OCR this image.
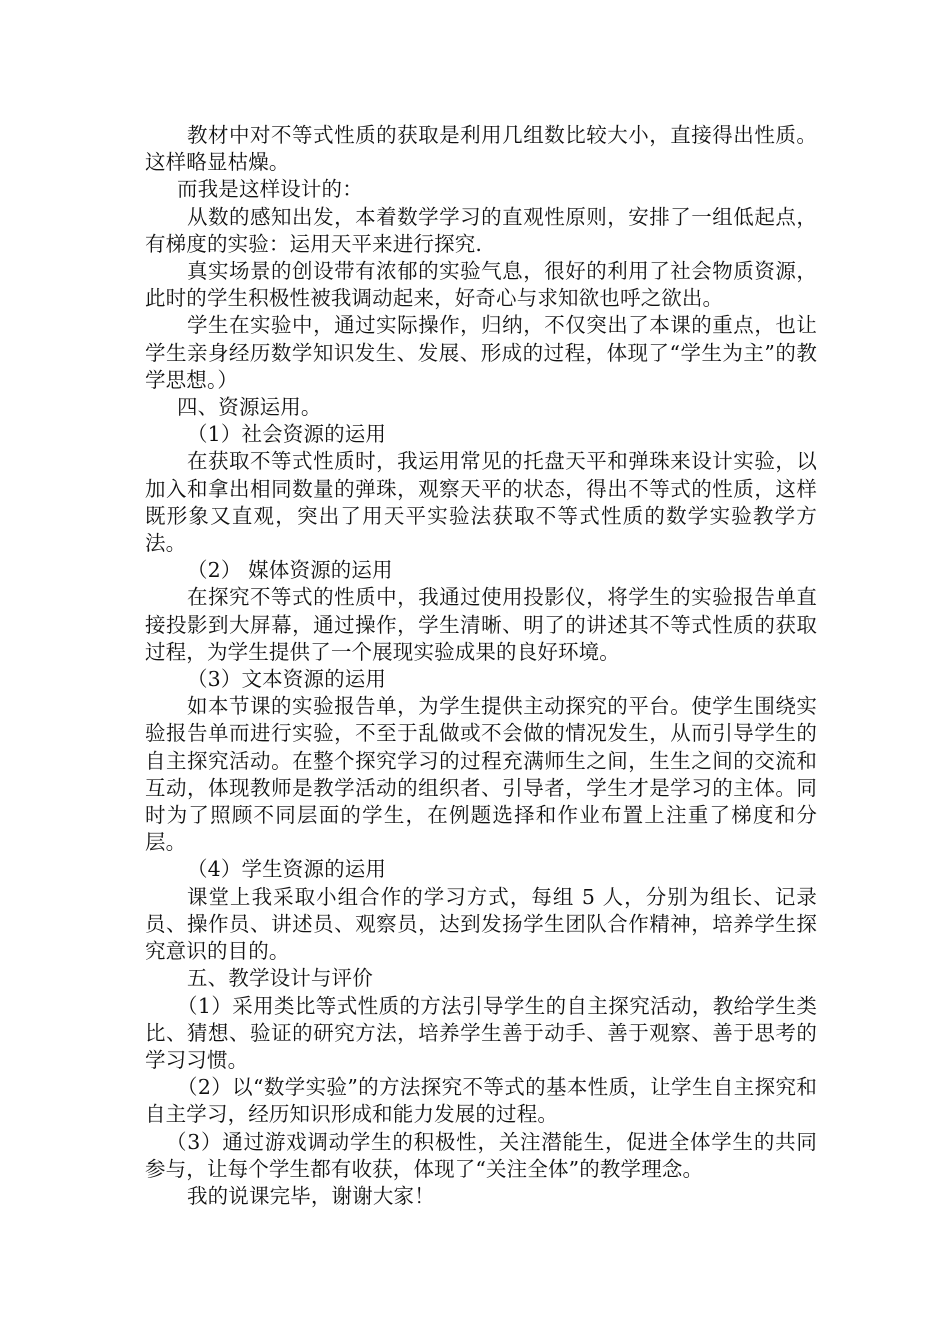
教材中对不等式性质的获取是利用几组数比较大小，直接得出性质。这样略显枯燥。

而我是这样设计的：

从数的感知出发，本着数学学习的直观性原则，安排了一组低起点，有梯度的实验：运用天平来进行探究.

真实场景的创设带有浓郁的实验气息，很好的利用了社会物质资源，此时的学生积极性被我调动起来，好奇心与求知欲也呼之欲出。

学生在实验中，通过实际操作，归纳，不仅突出了本课的重点，也让学生亲身经历数学知识发生、发展、形成的过程，体现了“学生为主”的教学思想。）

四、资源运用。

（1）社会资源的运用

在获取不等式性质时，我运用常见的托盘天平和弹珠来设计实验，以加入和拿出相同数量的弹珠，观察天平的状态，得出不等式的性质，这样既形象又直观，突出了用天平实验法获取不等式性质的数学实验教学方法。

（2） 媒体资源的运用

在探究不等式的性质中，我通过使用投影仪，将学生的实验报告单直接投影到大屏幕，通过操作，学生清晰、明了的讲述其不等式性质的获取过程，为学生提供了一个展现实验成果的良好环境。

（3）文本资源的运用

如本节课的实验报告单，为学生提供主动探究的平台。使学生围绕实验报告单而进行实验，不至于乱做或不会做的情况发生，从而引导学生的自主探究活动。在整个探究学习的过程充满师生之间，生生之间的交流和互动，体现教师是教学活动的组织者、引导者，学生才是学习的主体。同时为了照顾不同层面的学生，在例题选择和作业布置上注重了梯度和分层。

（4）学生资源的运用

课堂上我采取小组合作的学习方式，每组 5 人，分别为组长、记录员、操作员、讲述员、观察员，达到发扬学生团队合作精神，培养学生探究意识的目的。

五、教学设计与评价

（1）采用类比等式性质的方法引导学生的自主探究活动，教给学生类比、猜想、验证的研究方法，培养学生善于动手、善于观察、善于思考的学习习惯。

（2）以“数学实验”的方法探究不等式的基本性质，让学生自主探究和自主学习，经历知识形成和能力发展的过程。

（3）通过游戏调动学生的积极性，关注潜能生，促进全体学生的共同参与，让每个学生都有收获，体现了“关注全体”的教学理念。

我的说课完毕，谢谢大家！
